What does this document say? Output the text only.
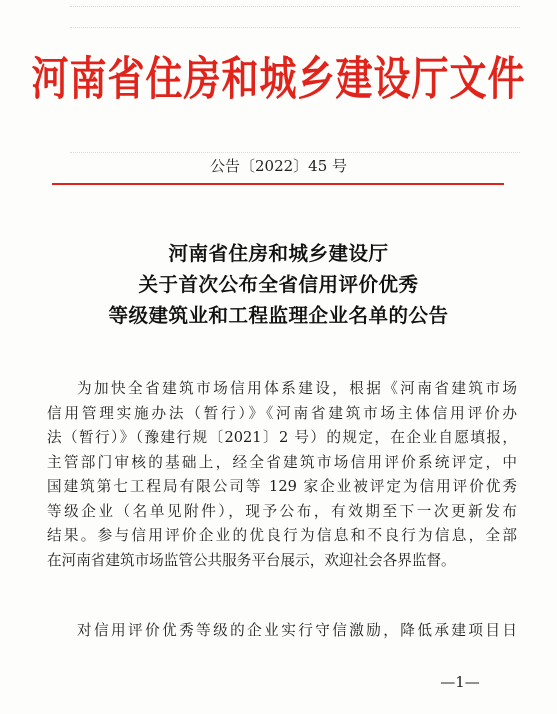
河南省住房和城乡建设厅文件
公告〔2022〕45 号
河南省住房和城乡建设厅
关于首次公布全省信用评价优秀
等级建筑业和工程监理企业名单的公告
为加快全省建筑市场信用体系建设，根据《河南省建筑市场
信用管理实施办法（暂行）》《河南省建筑市场主体信用评价办
法（暂行）》（豫建行规〔2021〕2 号）的规定，在企业自愿填报，
主管部门审核的基础上，经全省建筑市场信用评价系统评定，中
国建筑第七工程局有限公司等 129 家企业被评定为信用评价优秀
等级企业（名单见附件），现予公布，有效期至下一次更新发布
结果。参与信用评价企业的优良行为信息和不良行为信息，全部
在河南省建筑市场监管公共服务平台展示，欢迎社会各界监督。
对信用评价优秀等级的企业实行守信激励，降低承建项目日
—1—
